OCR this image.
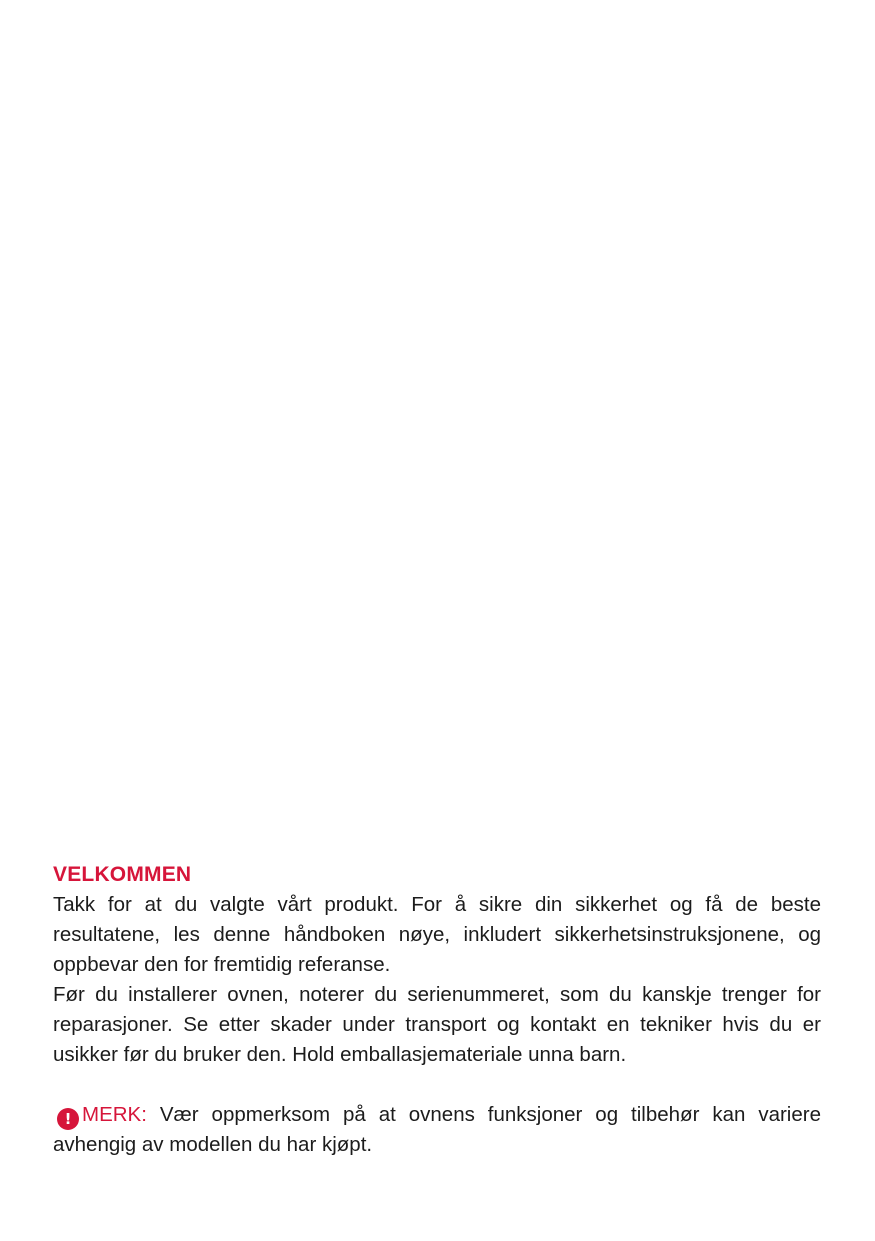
VELKOMMEN

Takk for at du valgte vårt produkt. For å sikre din sikkerhet og få de beste resultatene, les denne håndboken nøye, inkludert sikkerhetsinstruksjonene, og oppbevar den for fremtidig referanse.

Før du installerer ovnen, noterer du serienummeret, som du kanskje trenger for reparasjoner. Se etter skader under transport og kontakt en tekniker hvis du er usikker før du bruker den. Hold emballasjemateriale unna barn.

! MERK: Vær oppmerksom på at ovnens funksjoner og tilbehør kan variere avhengig av modellen du har kjøpt.
